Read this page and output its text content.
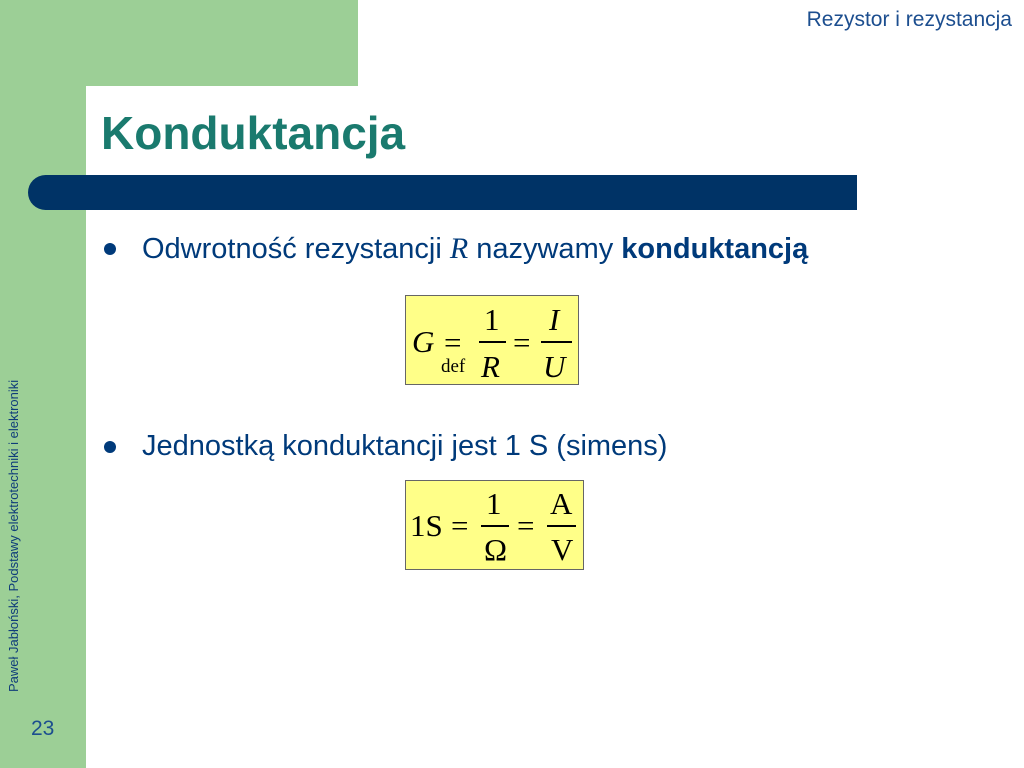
Rezystor i rezystancja
Konduktancja
Odwrotność rezystancji
R
nazywamy
konduktancją
G =
def
1
R
=
I
U
Jednostką konduktancji jest 1 S (simens)
1S =
1
Ω
=
A
V
Paweł Jabłoński, Podstawy elektrotechniki i elektroniki
23
